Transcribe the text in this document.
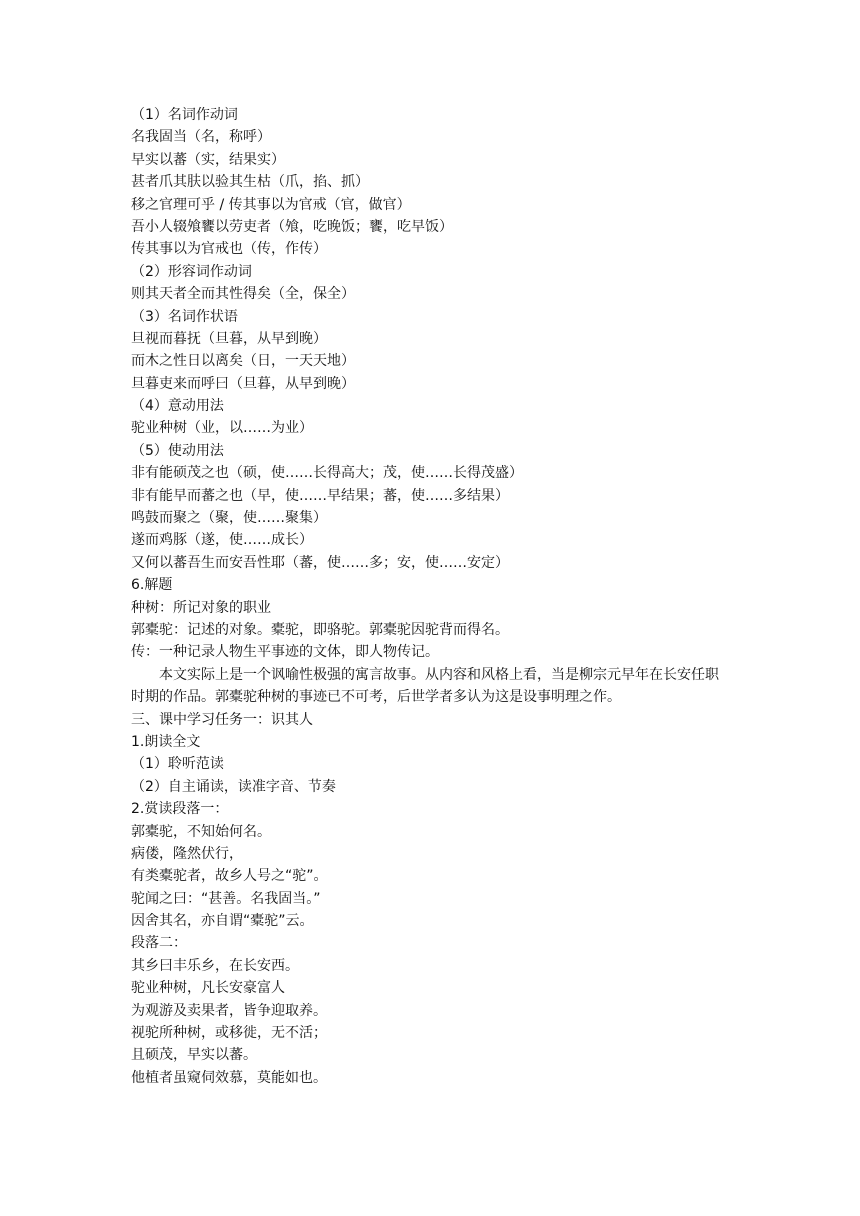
（1）名词作动词
名我固当（名，称呼）
早实以蕃（实，结果实）
甚者爪其肤以验其生枯（爪，掐、抓）
移之官理可乎 / 传其事以为官戒（官，做官）
吾小人辍飧饔以劳吏者（飧，吃晚饭；饔，吃早饭）
传其事以为官戒也（传，作传）
（2）形容词作动词
则其天者全而其性得矣（全，保全）
（3）名词作状语
旦视而暮抚（旦暮，从早到晚）
而木之性日以离矣（日，一天天地）
旦暮吏来而呼曰（旦暮，从早到晚）
（4）意动用法
驼业种树（业，以……为业）
（5）使动用法
非有能硕茂之也（硕，使……长得高大；茂，使……长得茂盛）
非有能早而蕃之也（早，使……早结果；蕃，使……多结果）
鸣鼓而聚之（聚，使……聚集）
遂而鸡豚（遂，使……成长）
又何以蕃吾生而安吾性耶（蕃，使……多；安，使……安定）
6.解题
种树：所记对象的职业
郭橐驼：记述的对象。橐驼，即骆驼。郭橐驼因驼背而得名。
传：一种记录人物生平事迹的文体，即人物传记。
本文实际上是一个讽喻性极强的寓言故事。从内容和风格上看，当是柳宗元早年在长安任职时期的作品。郭橐驼种树的事迹已不可考，后世学者多认为这是设事明理之作。
三、课中学习任务一：识其人
1.朗读全文
（1）聆听范读
（2）自主诵读，读准字音、节奏
2.赏读段落一：
郭橐驼，不知始何名。
病偻，隆然伏行，
有类橐驼者，故乡人号之“驼”。
驼闻之曰：“甚善。名我固当。”
因舍其名，亦自谓“橐驼”云。
段落二：
其乡曰丰乐乡，在长安西。
驼业种树，凡长安豪富人
为观游及卖果者，皆争迎取养。
视驼所种树，或移徙，无不活；
且硕茂，早实以蕃。
他植者虽窥伺效慕，莫能如也。
